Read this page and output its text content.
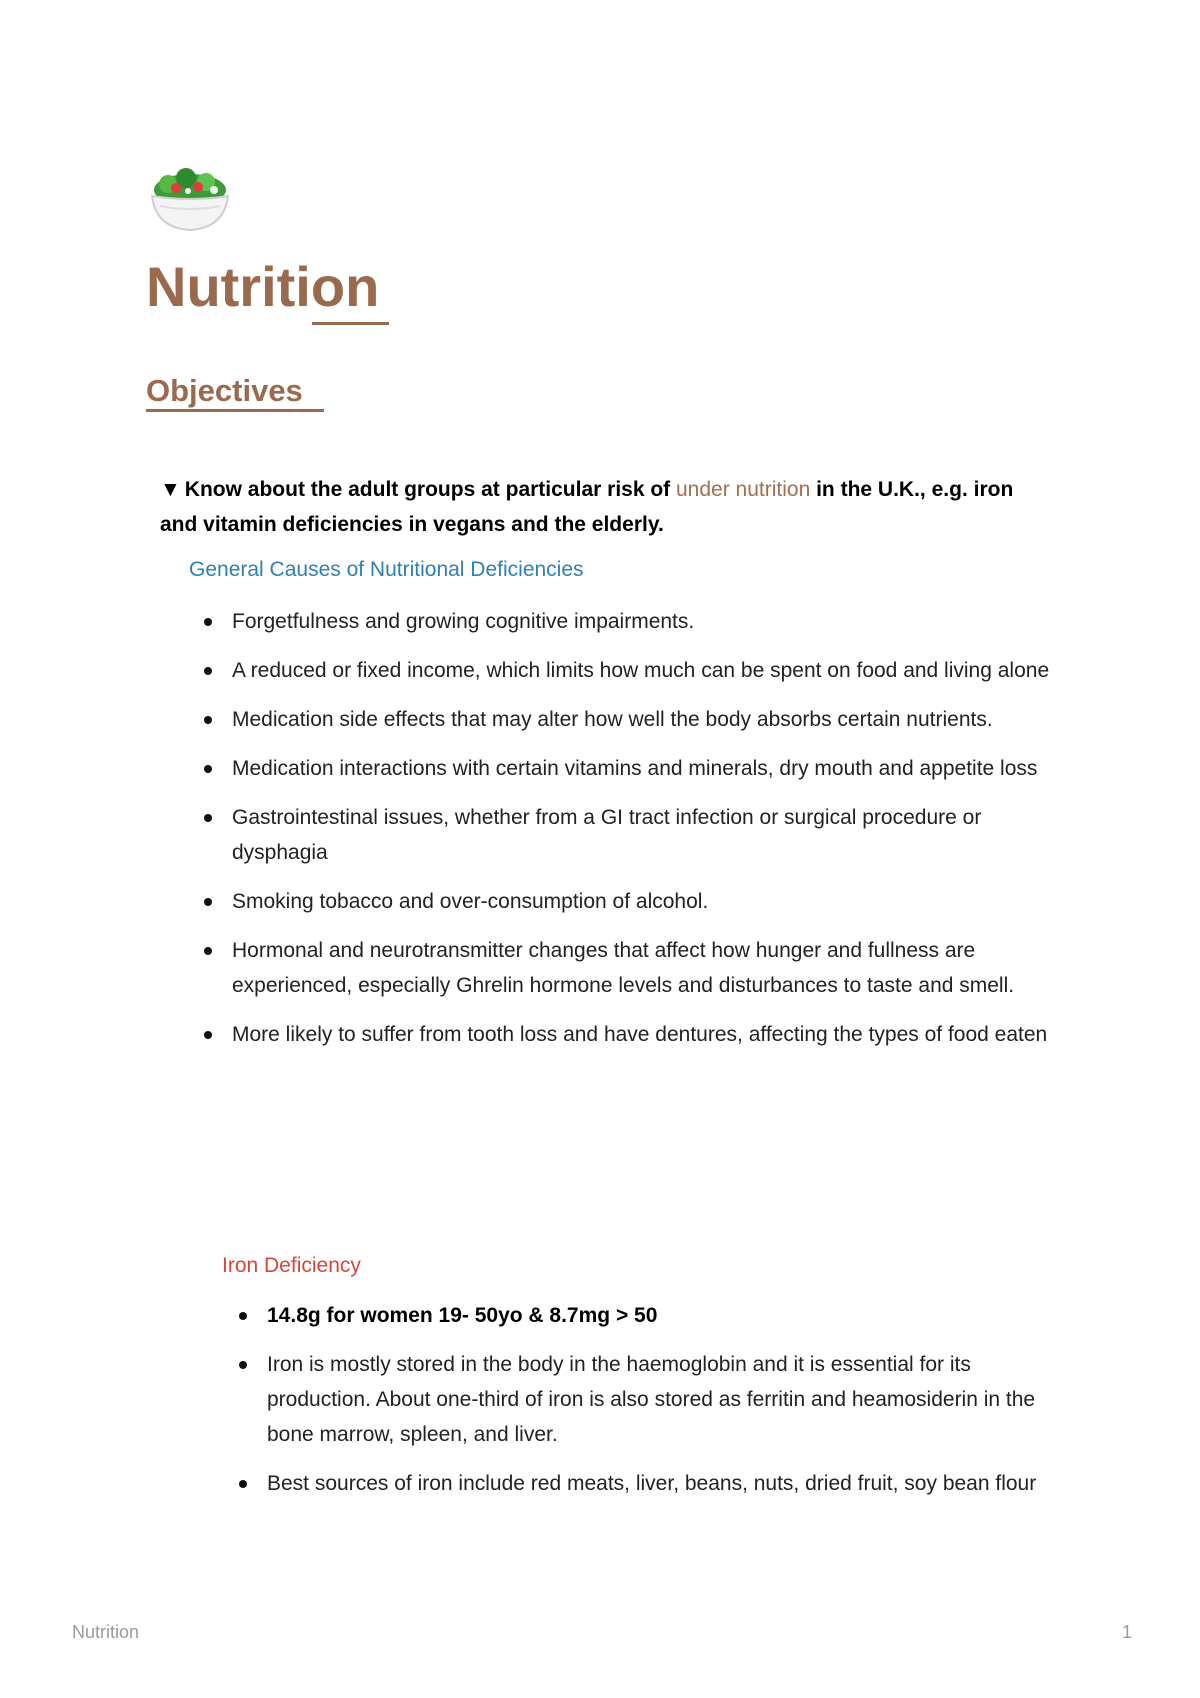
Nutrition
Objectives
▼ Know about the adult groups at particular risk of under nutrition in the U.K., e.g. iron and vitamin deficiencies in vegans and the elderly.
General Causes of Nutritional Deficiencies
Forgetfulness and growing cognitive impairments.
A reduced or fixed income, which limits how much can be spent on food and living alone
Medication side effects that may alter how well the body absorbs certain nutrients.
Medication interactions with certain vitamins and minerals, dry mouth and appetite loss
Gastrointestinal issues, whether from a GI tract infection or surgical procedure or dysphagia
Smoking tobacco and over-consumption of alcohol.
Hormonal and neurotransmitter changes that affect how hunger and fullness are experienced, especially Ghrelin hormone levels and disturbances to taste and smell.
More likely to suffer from tooth loss and have dentures, affecting the types of food eaten
Iron Deficiency
14.8g for women 19- 50yo & 8.7mg > 50
Iron is mostly stored in the body in the haemoglobin and it is essential for its production. About one-third of iron is also stored as ferritin and heamosiderin in the bone marrow, spleen, and liver.
Best sources of iron include red meats, liver, beans, nuts, dried fruit, soy bean flour
Nutrition	1
